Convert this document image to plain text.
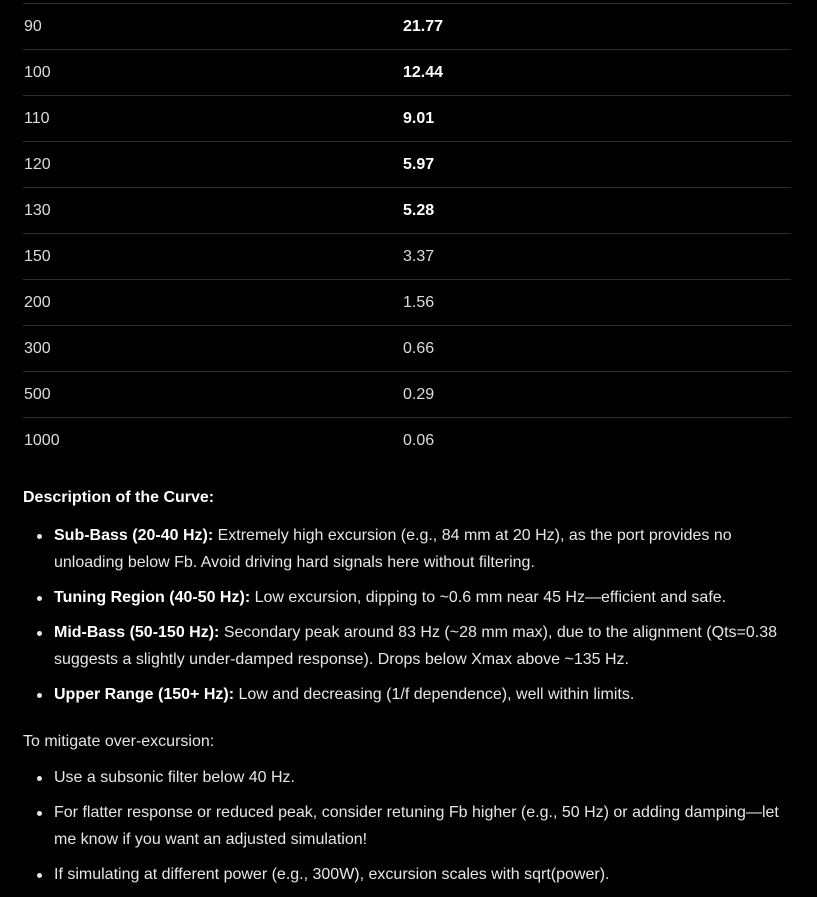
90	21.77
100	12.44
110	9.01
120	5.97
130	5.28
150	3.37
200	1.56
300	0.66
500	0.29
1000	0.06
Description of the Curve:
Sub-Bass (20-40 Hz): Extremely high excursion (e.g., 84 mm at 20 Hz), as the port provides no unloading below Fb. Avoid driving hard signals here without filtering.
Tuning Region (40-50 Hz): Low excursion, dipping to ~0.6 mm near 45 Hz—efficient and safe.
Mid-Bass (50-150 Hz): Secondary peak around 83 Hz (~28 mm max), due to the alignment (Qts=0.38 suggests a slightly under-damped response). Drops below Xmax above ~135 Hz.
Upper Range (150+ Hz): Low and decreasing (1/f dependence), well within limits.
To mitigate over-excursion:
Use a subsonic filter below 40 Hz.
For flatter response or reduced peak, consider retuning Fb higher (e.g., 50 Hz) or adding damping—let me know if you want an adjusted simulation!
If simulating at different power (e.g., 300W), excursion scales with sqrt(power).
